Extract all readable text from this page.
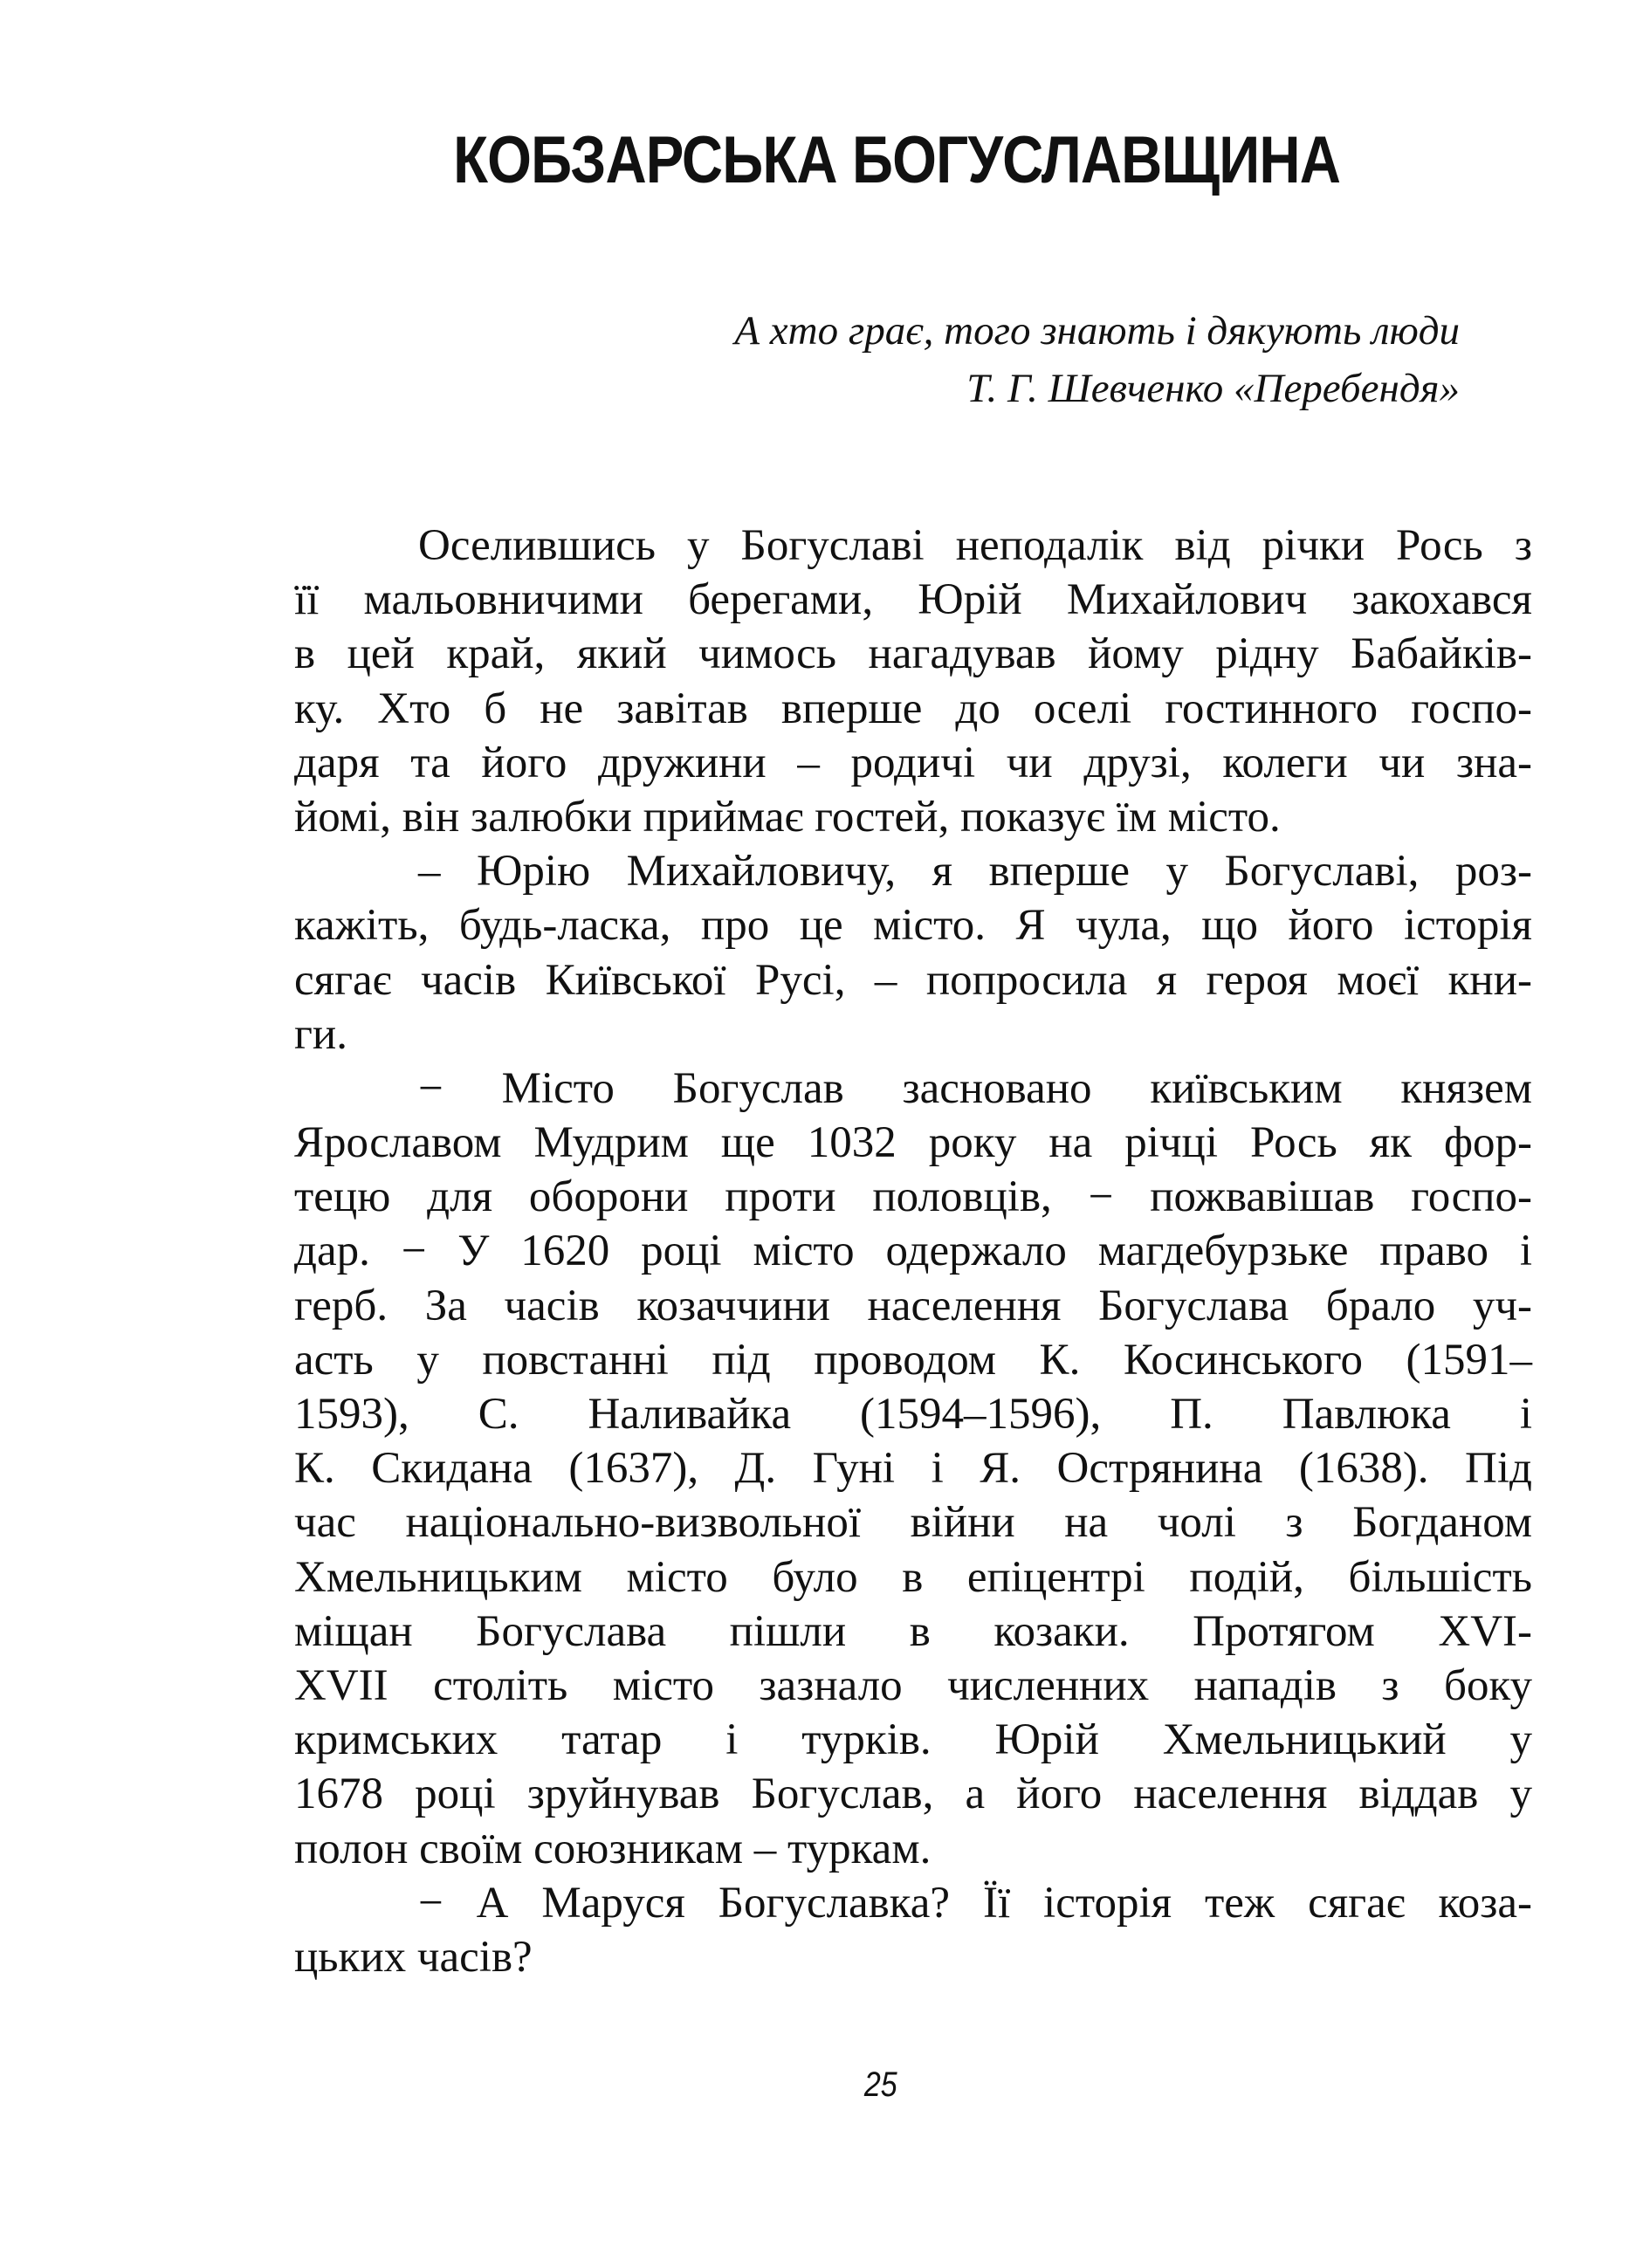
КОБЗАРСЬКА БОГУСЛАВЩИНА
А хто грає, того знають і дякують люди
Т. Г. Шевченко «Перебендя»
Оселившись у Богуславі неподалік від річки Рось з
її мальовничими берегами, Юрій Михайлович закохався
в цей край, який чимось нагадував йому рідну Бабайків-
ку. Хто б не завітав вперше до оселі гостинного госпо-
даря та його дружини – родичі чи друзі, колеги чи зна-
йомі, він залюбки приймає гостей, показує їм місто.
– Юрію Михайловичу, я вперше у Богуславі, роз-
кажіть, будь-ласка, про це місто. Я чула, що його історія
сягає часів Київської Русі, – попросила я героя моєї кни-
ги.
− Місто Богуслав засновано київським князем
Ярославом Мудрим ще 1032 року на річці Рось як фор-
тецю для оборони проти половців, − пожвавішав госпо-
дар. − У 1620 році місто одержало магдебурзьке право і
герб. За часів козаччини населення Богуслава брало уч-
асть у повстанні під проводом К. Косинського (1591–
1593), С. Наливайка (1594–1596), П. Павлюка і
К. Скидана (1637), Д. Гуні і Я. Острянина (1638). Під
час національно-визвольної війни на чолі з Богданом
Хмельницьким місто було в епіцентрі подій, більшість
міщан Богуслава пішли в козаки. Протягом XVI-
XVII століть місто зазнало численних нападів з боку
кримських татар і турків. Юрій Хмельницький у
1678 році зруйнував Богуслав, а його населення віддав у
полон своїм союзникам – туркам.
− А Маруся Богуславка? Її історія теж сягає коза-
цьких часів?
25
